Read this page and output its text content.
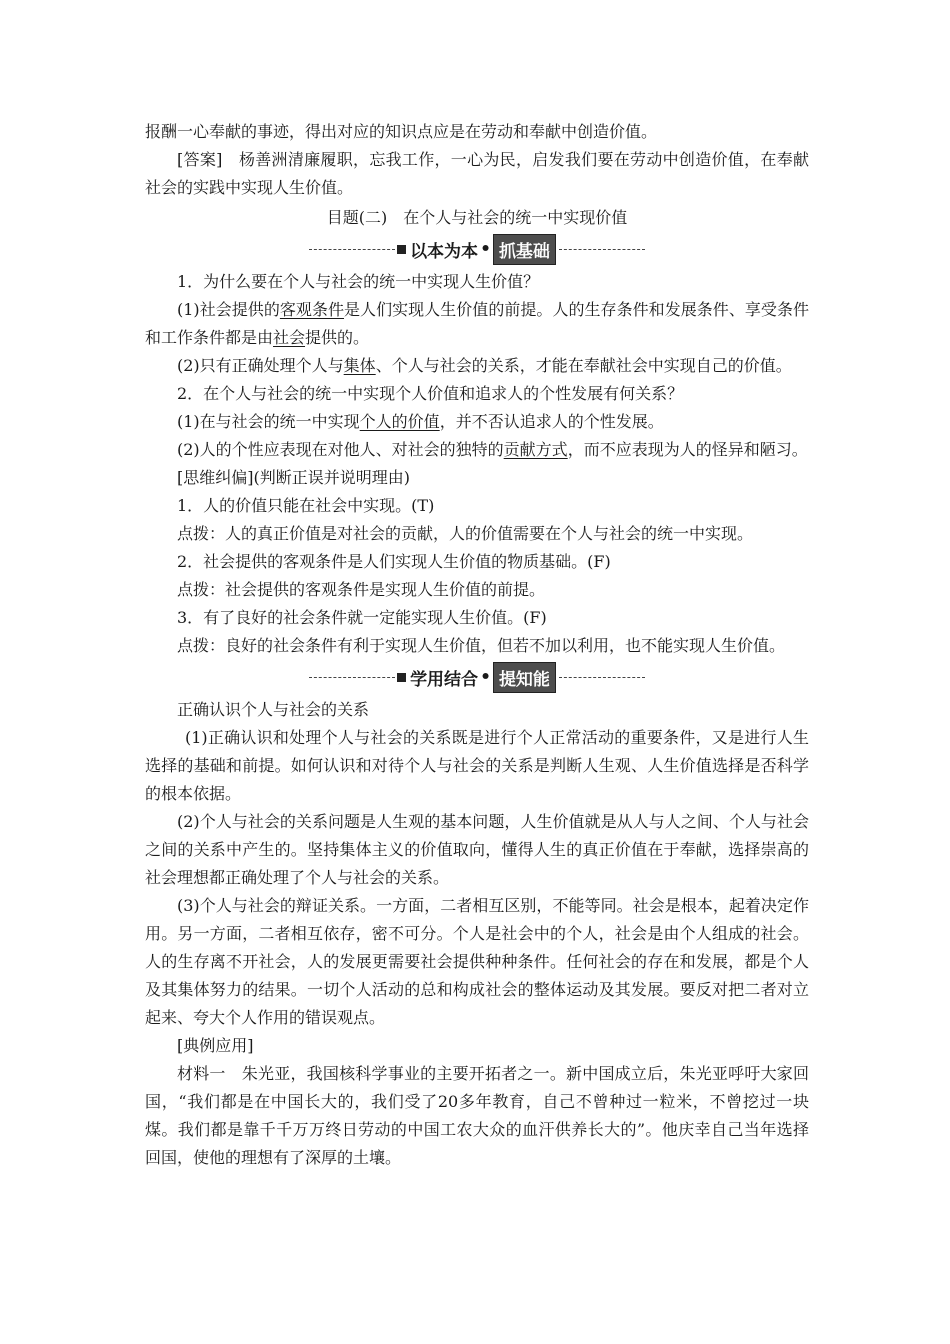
报酬一心奉献的事迹，得出对应的知识点应是在劳动和奉献中创造价值。

[答案]　杨善洲清廉履职，忘我工作，一心为民，启发我们要在劳动中创造价值，在奉献社会的实践中实现人生价值。

目题(二)　在个人与社会的统一中实现价值

以本为本 • 抓基础

1．为什么要在个人与社会的统一中实现人生价值？

(1)社会提供的客观条件是人们实现人生价值的前提。人的生存条件和发展条件、享受条件和工作条件都是由社会提供的。

(2)只有正确处理个人与集体、个人与社会的关系，才能在奉献社会中实现自己的价值。

2．在个人与社会的统一中实现个人价值和追求人的个性发展有何关系？

(1)在与社会的统一中实现个人的价值，并不否认追求人的个性发展。

(2)人的个性应表现在对他人、对社会的独特的贡献方式，而不应表现为人的怪异和陋习。

[思维纠偏](判断正误并说明理由)

1．人的价值只能在社会中实现。(T)

点拨：人的真正价值是对社会的贡献，人的价值需要在个人与社会的统一中实现。

2．社会提供的客观条件是人们实现人生价值的物质基础。(F)

点拨：社会提供的客观条件是实现人生价值的前提。

3．有了良好的社会条件就一定能实现人生价值。(F)

点拨：良好的社会条件有利于实现人生价值，但若不加以利用，也不能实现人生价值。

学用结合 • 提知能

正确认识个人与社会的关系

(1)正确认识和处理个人与社会的关系既是进行个人正常活动的重要条件，又是进行人生选择的基础和前提。如何认识和对待个人与社会的关系是判断人生观、人生价值选择是否科学的根本依据。

(2)个人与社会的关系问题是人生观的基本问题，人生价值就是从人与人之间、个人与社会之间的关系中产生的。坚持集体主义的价值取向，懂得人生的真正价值在于奉献，选择崇高的社会理想都正确处理了个人与社会的关系。

(3)个人与社会的辩证关系。一方面，二者相互区别，不能等同。社会是根本，起着决定作用。另一方面，二者相互依存，密不可分。个人是社会中的个人，社会是由个人组成的社会。人的生存离不开社会，人的发展更需要社会提供种种条件。任何社会的存在和发展，都是个人及其集体努力的结果。一切个人活动的总和构成社会的整体运动及其发展。要反对把二者对立起来、夸大个人作用的错误观点。

[典例应用]

材料一　朱光亚，我国核科学事业的主要开拓者之一。新中国成立后，朱光亚呼吁大家回国，“我们都是在中国长大的，我们受了20多年教育，自己不曾种过一粒米，不曾挖过一块煤。我们都是靠千千万万终日劳动的中国工农大众的血汗供养长大的”。他庆幸自己当年选择回国，使他的理想有了深厚的土壤。
